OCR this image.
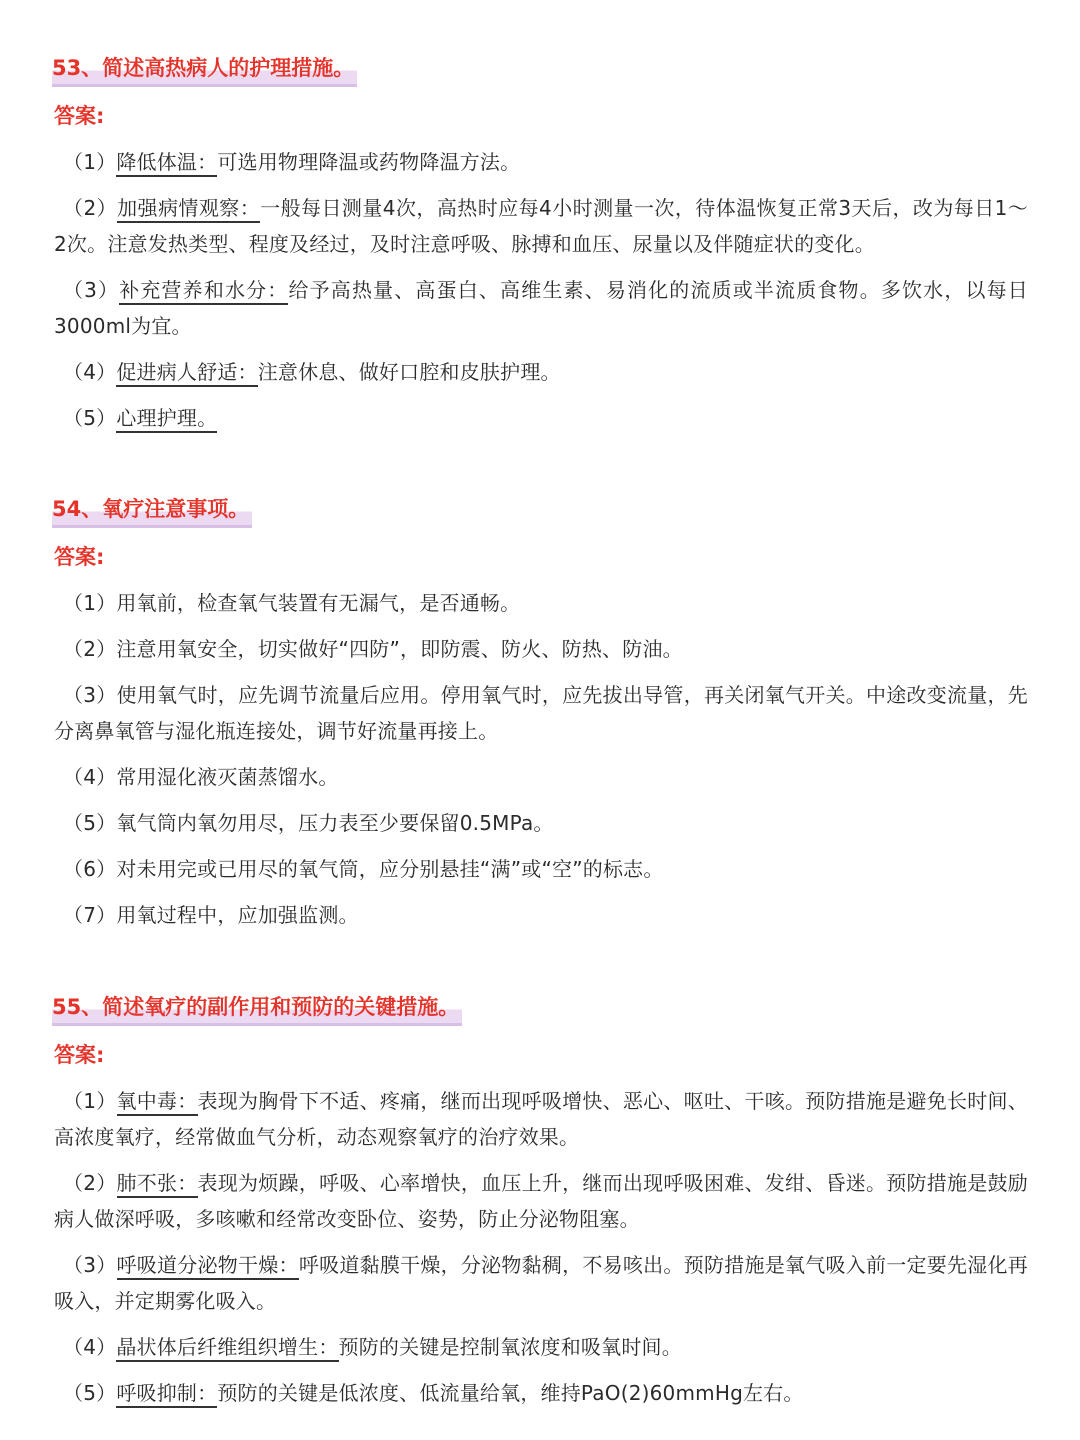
53、简述高热病人的护理措施。
答案:
（1）降低体温：可选用物理降温或药物降温方法。
（2）加强病情观察：一般每日测量4次，高热时应每4小时测量一次，待体温恢复正常3天后，改为每日1～2次。注意发热类型、程度及经过，及时注意呼吸、脉搏和血压、尿量以及伴随症状的变化。
（3）补充营养和水分：给予高热量、高蛋白、高维生素、易消化的流质或半流质食物。多饮水，以每日3000ml为宜。
（4）促进病人舒适：注意休息、做好口腔和皮肤护理。
（5）心理护理。
54、氧疗注意事项。
答案:
（1）用氧前，检查氧气装置有无漏气，是否通畅。
（2）注意用氧安全，切实做好“四防”，即防震、防火、防热、防油。
（3）使用氧气时，应先调节流量后应用。停用氧气时，应先拔出导管，再关闭氧气开关。中途改变流量，先分离鼻氧管与湿化瓶连接处，调节好流量再接上。
（4）常用湿化液灭菌蒸馏水。
（5）氧气筒内氧勿用尽，压力表至少要保留0.5MPa。
（6）对未用完或已用尽的氧气筒，应分别悬挂“满”或“空”的标志。
（7）用氧过程中，应加强监测。
55、简述氧疗的副作用和预防的关键措施。
答案:
（1）氧中毒：表现为胸骨下不适、疼痛，继而出现呼吸增快、恶心、呕吐、干咳。预防措施是避免长时间、高浓度氧疗，经常做血气分析，动态观察氧疗的治疗效果。
（2）肺不张：表现为烦躁，呼吸、心率增快，血压上升，继而出现呼吸困难、发绀、昏迷。预防措施是鼓励病人做深呼吸，多咳嗽和经常改变卧位、姿势，防止分泌物阻塞。
（3）呼吸道分泌物干燥：呼吸道黏膜干燥，分泌物黏稠，不易咳出。预防措施是氧气吸入前一定要先湿化再吸入，并定期雾化吸入。
（4）晶状体后纤维组织增生：预防的关键是控制氧浓度和吸氧时间。
（5）呼吸抑制：预防的关键是低浓度、低流量给氧，维持PaO(2)60mmHg左右。
